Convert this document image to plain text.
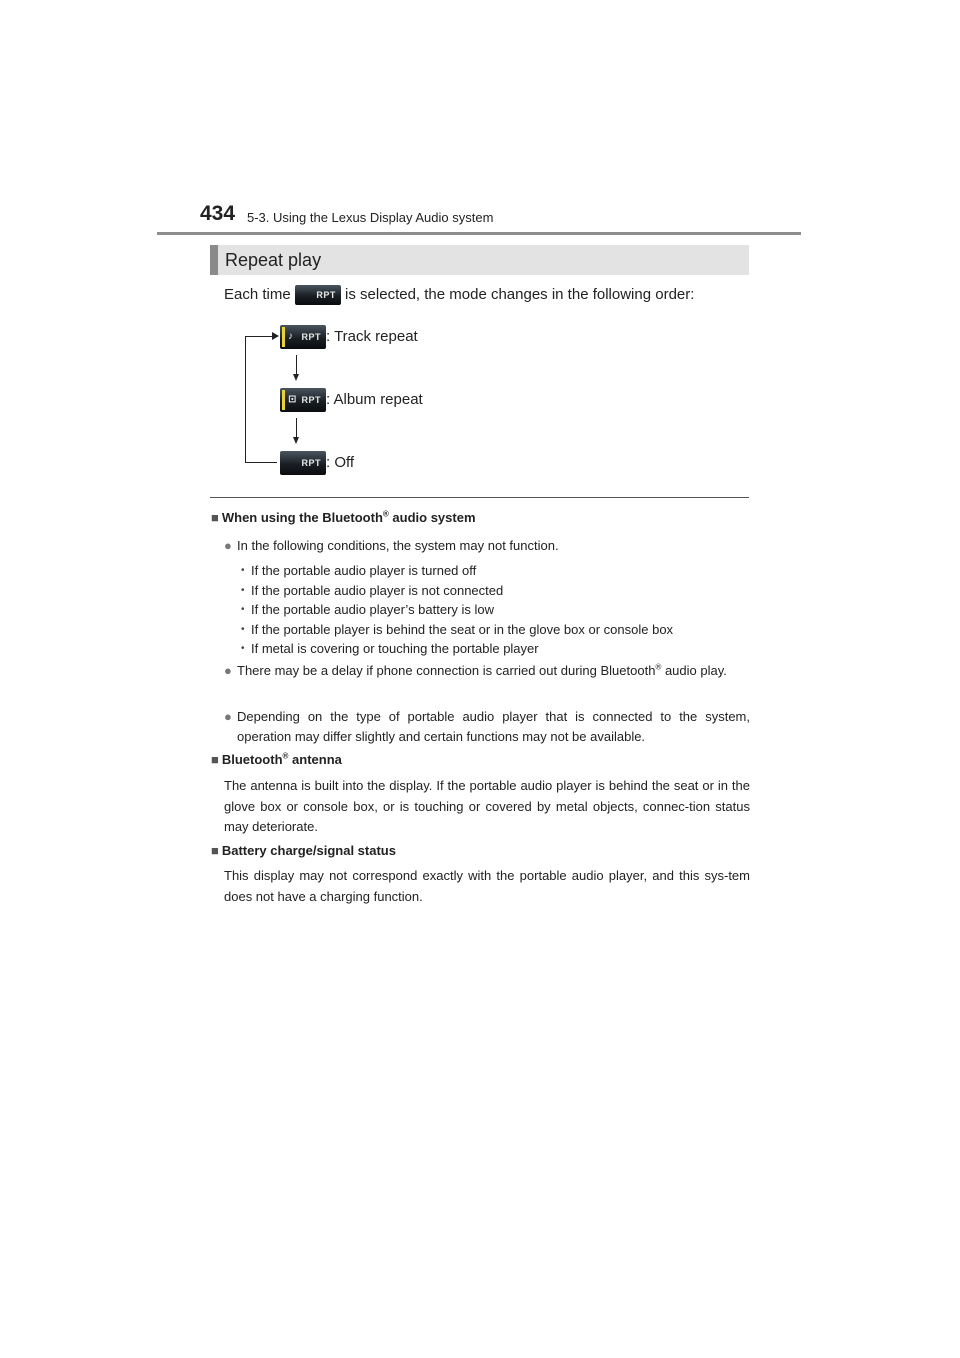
434 5-3. Using the Lexus Display Audio system
Repeat play
Each time	RPT is selected, the mode changes in the following order:
♪ RPT : Track repeat
⊡ RPT : Album repeat
RPT : Off
■ When using the Bluetooth® audio system
● In the following conditions, the system may not function.
• If the portable audio player is turned off
• If the portable audio player is not connected
• If the portable audio player’s battery is low
• If the portable player is behind the seat or in the glove box or console box
• If metal is covering or touching the portable player
● There may be a delay if phone connection is carried out during Bluetooth® audio play.
● Depending on the type of portable audio player that is connected to the system, operation may differ slightly and certain functions may not be available.
■ Bluetooth® antenna
The antenna is built into the display. If the portable audio player is behind the seat or in the glove box or console box, or is touching or covered by metal objects, connec-tion status may deteriorate.
■ Battery charge/signal status
This display may not correspond exactly with the portable audio player, and this sys-tem does not have a charging function.
